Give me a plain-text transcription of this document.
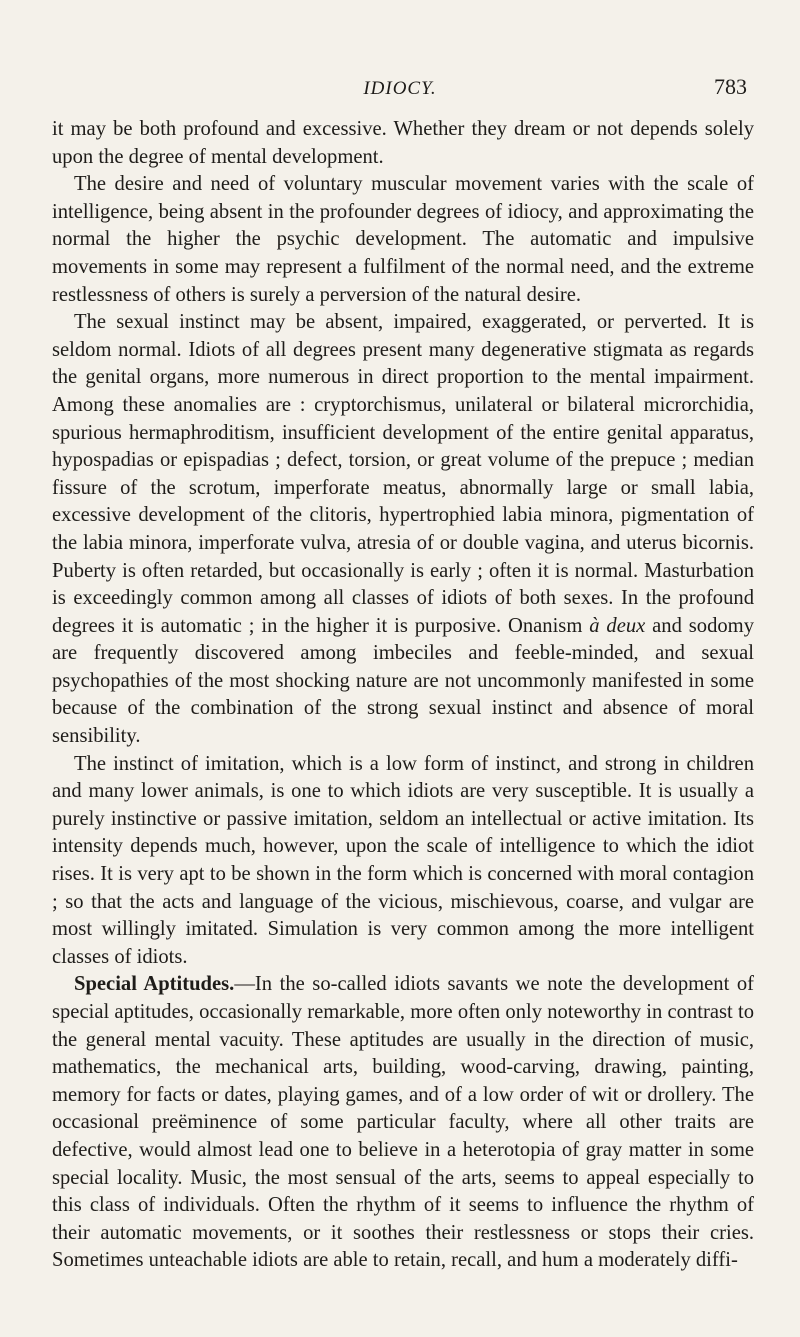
IDIOCY.	783

it may be both profound and excessive. Whether they dream or not depends solely upon the degree of mental development.

The desire and need of voluntary muscular movement varies with the scale of intelligence, being absent in the profounder degrees of idiocy, and approximating the normal the higher the psychic development. The automatic and impulsive movements in some may represent a fulfilment of the normal need, and the extreme restlessness of others is surely a perversion of the natural desire.

The sexual instinct may be absent, impaired, exaggerated, or perverted. It is seldom normal. Idiots of all degrees present many degenerative stigmata as regards the genital organs, more numerous in direct proportion to the mental impairment. Among these anomalies are : cryptorchismus, unilateral or bilateral microrchidia, spurious hermaphroditism, insufficient development of the entire genital apparatus, hypospadias or epispadias ; defect, torsion, or great volume of the prepuce ; median fissure of the scrotum, imperforate meatus, abnormally large or small labia, excessive development of the clitoris, hypertrophied labia minora, pigmentation of the labia minora, imperforate vulva, atresia of or double vagina, and uterus bicornis. Puberty is often retarded, but occasionally is early ; often it is normal. Masturbation is exceedingly common among all classes of idiots of both sexes. In the profound degrees it is automatic ; in the higher it is purposive. Onanism à deux and sodomy are frequently discovered among imbeciles and feeble-minded, and sexual psychopathies of the most shocking nature are not uncommonly manifested in some because of the combination of the strong sexual instinct and absence of moral sensibility.

The instinct of imitation, which is a low form of instinct, and strong in children and many lower animals, is one to which idiots are very susceptible. It is usually a purely instinctive or passive imitation, seldom an intellectual or active imitation. Its intensity depends much, however, upon the scale of intelligence to which the idiot rises. It is very apt to be shown in the form which is concerned with moral contagion ; so that the acts and language of the vicious, mischievous, coarse, and vulgar are most willingly imitated. Simulation is very common among the more intelligent classes of idiots.

Special Aptitudes.—In the so-called idiots savants we note the development of special aptitudes, occasionally remarkable, more often only noteworthy in contrast to the general mental vacuity. These aptitudes are usually in the direction of music, mathematics, the mechanical arts, building, wood-carving, drawing, painting, memory for facts or dates, playing games, and of a low order of wit or drollery. The occasional preëminence of some particular faculty, where all other traits are defective, would almost lead one to believe in a heterotopia of gray matter in some special locality. Music, the most sensual of the arts, seems to appeal especially to this class of individuals. Often the rhythm of it seems to influence the rhythm of their automatic movements, or it soothes their restlessness or stops their cries. Sometimes unteachable idiots are able to retain, recall, and hum a moderately diffi-
